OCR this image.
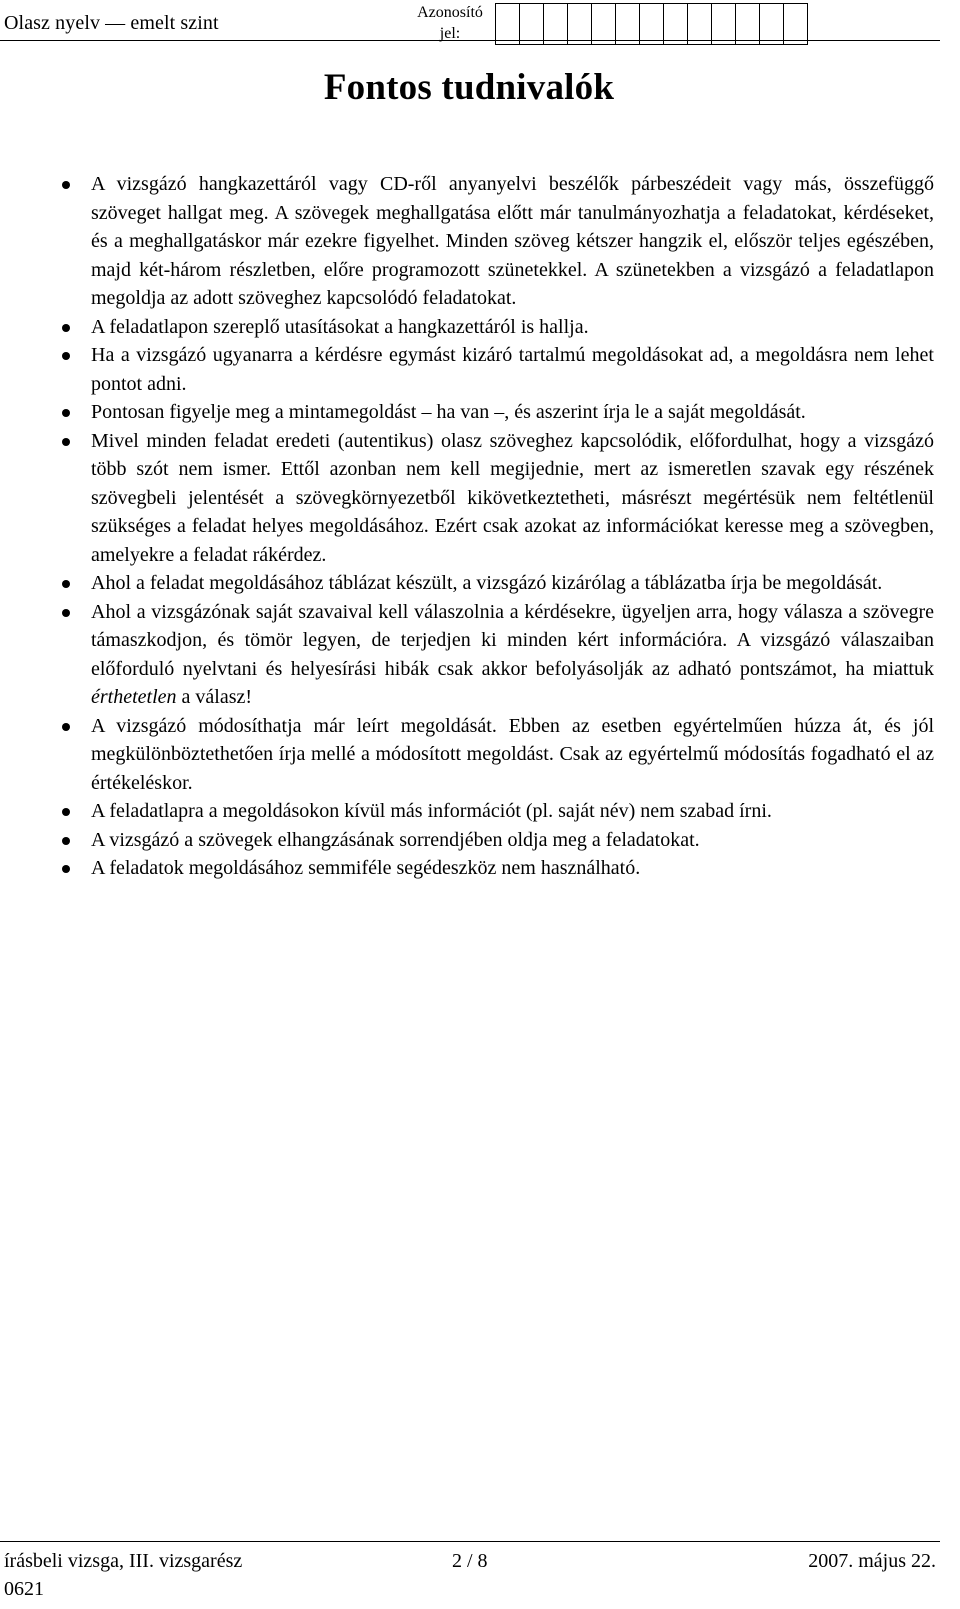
Olasz nyelv — emelt szint	Azonosító jel:
Fontos tudnivalók
A vizsgázó hangkazettáról vagy CD-ről anyanyelvi beszélők párbeszédeit vagy más, összefüggő szöveget hallgat meg. A szövegek meghallgatása előtt már tanulmányozhatja a feladatokat, kérdéseket, és a meghallgatáskor már ezekre figyelhet. Minden szöveg kétszer hangzik el, először teljes egészében, majd két-három részletben, előre programozott szünetekkel. A szünetekben a vizsgázó a feladatlapon megoldja az adott szöveghez kapcsolódó feladatokat.
A feladatlapon szereplő utasításokat a hangkazettáról is hallja.
Ha a vizsgázó ugyanarra a kérdésre egymást kizáró tartalmú megoldásokat ad, a megoldásra nem lehet pontot adni.
Pontosan figyelje meg a mintamegoldást – ha van –, és aszerint írja le a saját megoldását.
Mivel minden feladat eredeti (autentikus) olasz szöveghez kapcsolódik, előfordulhat, hogy a vizsgázó több szót nem ismer. Ettől azonban nem kell megijednie, mert az ismeretlen szavak egy részének szövegbeli jelentését a szövegkörnyezetből kikövetkeztetheti, másrészt megértésük nem feltétlenül szükséges a feladat helyes megoldásához. Ezért csak azokat az információkat keresse meg a szövegben, amelyekre a feladat rákérdez.
Ahol a feladat megoldásához táblázat készült, a vizsgázó kizárólag a táblázatba írja be megoldását.
Ahol a vizsgázónak saját szavaival kell válaszolnia a kérdésekre, ügyeljen arra, hogy válasza a szövegre támaszkodjon, és tömör legyen, de terjedjen ki minden kért információra. A vizsgázó válaszaiban előforduló nyelvtani és helyesírási hibák csak akkor befolyásolják az adható pontszámot, ha miattuk érthetetlen a válasz!
A vizsgázó módosíthatja már leírt megoldását. Ebben az esetben egyértelműen húzza át, és jól megkülönböztethetően írja mellé a módosított megoldást. Csak az egyértelmű módosítás fogadható el az értékeléskor.
A feladatlapra a megoldásokon kívül más információt (pl. saját név) nem szabad írni.
A vizsgázó a szövegek elhangzásának sorrendjében oldja meg a feladatokat.
A feladatok megoldásához semmiféle segédeszköz nem használható.
írásbeli vizsga, III. vizsgarész	2 / 8	2007. május 22.
0621
